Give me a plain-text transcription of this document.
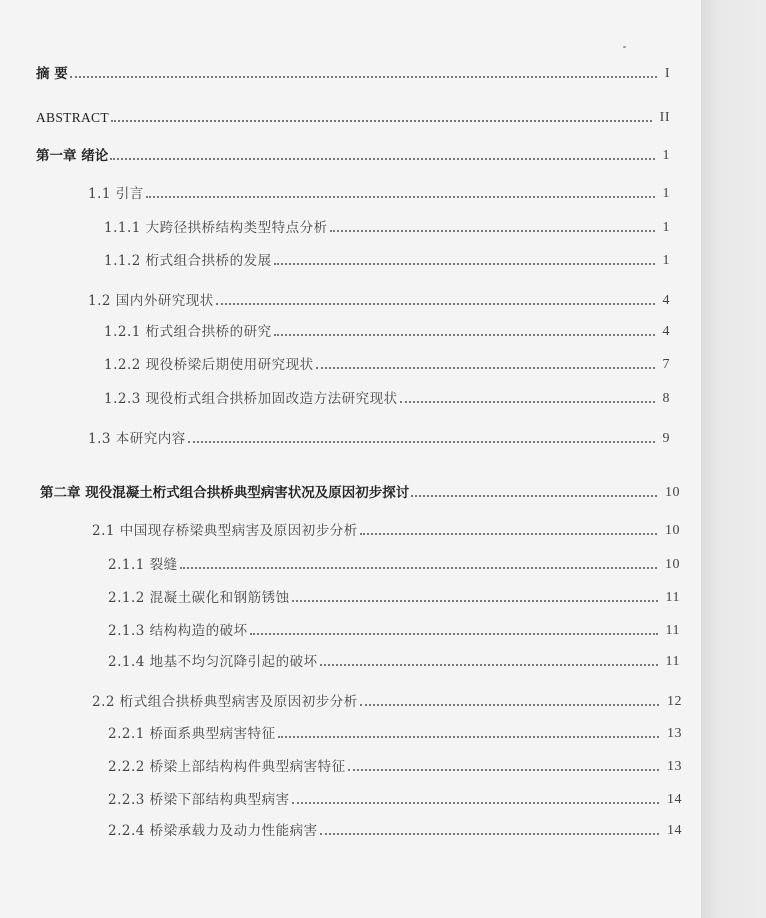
摘 要	I
ABSTRACT	II
第一章 绪论	1
1.1 引言	1
1.1.1 大跨径拱桥结构类型特点分析	1
1.1.2 桁式组合拱桥的发展	1
1.2 国内外研究现状	4
1.2.1 桁式组合拱桥的研究	4
1.2.2 现役桥梁后期使用研究现状	7
1.2.3 现役桁式组合拱桥加固改造方法研究现状	8
1.3 本研究内容	9
第二章 现役混凝土桁式组合拱桥典型病害状况及原因初步探讨	10
2.1 中国现存桥梁典型病害及原因初步分析	10
2.1.1 裂缝	10
2.1.2 混凝土碳化和钢筋锈蚀	11
2.1.3 结构构造的破坏	11
2.1.4 地基不均匀沉降引起的破坏	11
2.2 桁式组合拱桥典型病害及原因初步分析	12
2.2.1 桥面系典型病害特征	13
2.2.2 桥梁上部结构构件典型病害特征	13
2.2.3 桥梁下部结构典型病害	14
2.2.4 桥梁承载力及动力性能病害	14
